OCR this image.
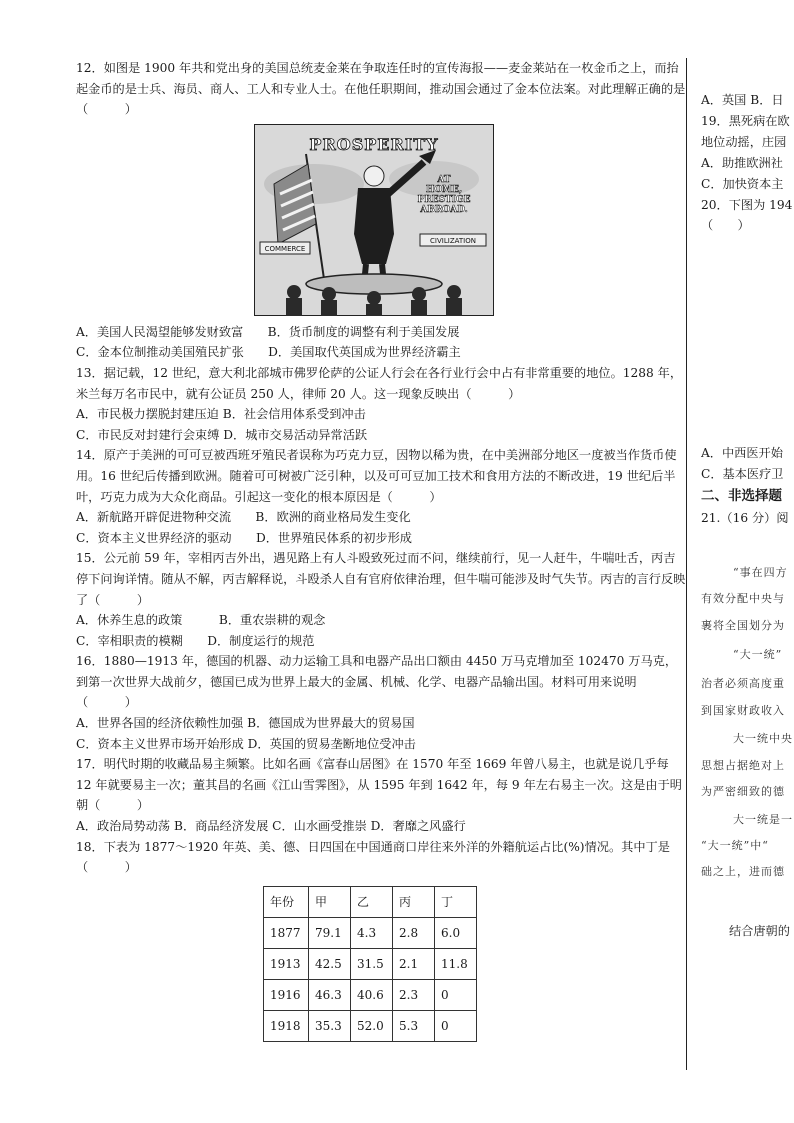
12．如图是 1900 年共和党出身的美国总统麦金莱在争取连任时的宣传海报——麦金莱站在一枚金币之上，而抬起金币的是士兵、海员、商人、工人和专业人士。在他任职期间，推动国会通过了金本位法案。对此理解正确的是（　　　）

PROSPERITY
AT
HOME,
PRESTIGE
ABROAD.
COMMERCE
CIVILIZATION

A．美国人民渴望能够发财致富　　B．货币制度的调整有利于美国发展

C．金本位制推动美国殖民扩张　　D．美国取代英国成为世界经济霸主

13．据记载，12 世纪，意大利北部城市佛罗伦萨的公证人行会在各行业行会中占有非常重要的地位。1288 年，米兰每万名市民中，就有公证员 250 人，律师 20 人。这一现象反映出（　　　）

A．市民极力摆脱封建压迫 B．社会信用体系受到冲击

C．市民反对封建行会束缚 D．城市交易活动异常活跃

14．原产于美洲的可可豆被西班牙殖民者误称为巧克力豆，因物以稀为贵，在中美洲部分地区一度被当作货币使用。16 世纪后传播到欧洲。随着可可树被广泛引种，以及可可豆加工技术和食用方法的不断改进，19 世纪后半叶，巧克力成为大众化商品。引起这一变化的根本原因是（　　　）

A．新航路开辟促进物种交流　　B．欧洲的商业格局发生变化

C．资本主义世界经济的驱动　　D．世界殖民体系的初步形成

15．公元前 59 年，宰相丙吉外出，遇见路上有人斗殴致死过而不问，继续前行，见一人赶牛，牛喘吐舌，丙吉停下问询详情。随从不解，丙吉解释说，斗殴杀人自有官府依律治理，但牛喘可能涉及时气失节。丙吉的言行反映了（　　　）

A．休养生息的政策　　　B．重农崇耕的观念

C．宰相职责的模糊　　D．制度运行的规范

16．1880—1913 年，德国的机器、动力运输工具和电器产品出口额由 4450 万马克增加至 102470 万马克，到第一次世界大战前夕，德国已成为世界上最大的金属、机械、化学、电器产品输出国。材料可用来说明（　　　）

A．世界各国的经济依赖性加强 B．德国成为世界最大的贸易国

C．资本主义世界市场开始形成 D．英国的贸易垄断地位受冲击

17．明代时期的收藏品易主频繁。比如名画《富春山居图》在 1570 年至 1669 年曾八易主，也就是说几乎每 12 年就要易主一次；董其昌的名画《江山雪霁图》，从 1595 年到 1642 年，每 9 年左右易主一次。这是由于明朝（　　　）

A．政治局势动荡 B．商品经济发展 C．山水画受推崇 D．奢靡之风盛行

18．下表为 1877～1920 年英、美、德、日四国在中国通商口岸往来外洋的外籍航运占比(%)情况。其中丁是（　　　）

年份	甲	乙	丙	丁
1877	79.1	4.3	2.8	6.0
1913	42.5	31.5	2.1	11.8
1916	46.3	40.6	2.3	0
1918	35.3	52.0	5.3	0
A．英国 B．日
19．黑死病在欧
地位动摇，庄园
A．助推欧洲社
C．加快资本主
20．下图为 194
（　　）
A．中西医开始
C．基本医疗卫
二、非选择题
21.（16 分）阅
“事在四方
有效分配中央与
裹将全国划分为
“大一统”
治者必须高度重
到国家财政收入
大一统中央
思想占据绝对上
为严密细致的德
大一统是一
“大一统”中“
础之上，进而德
结合唐朝的
